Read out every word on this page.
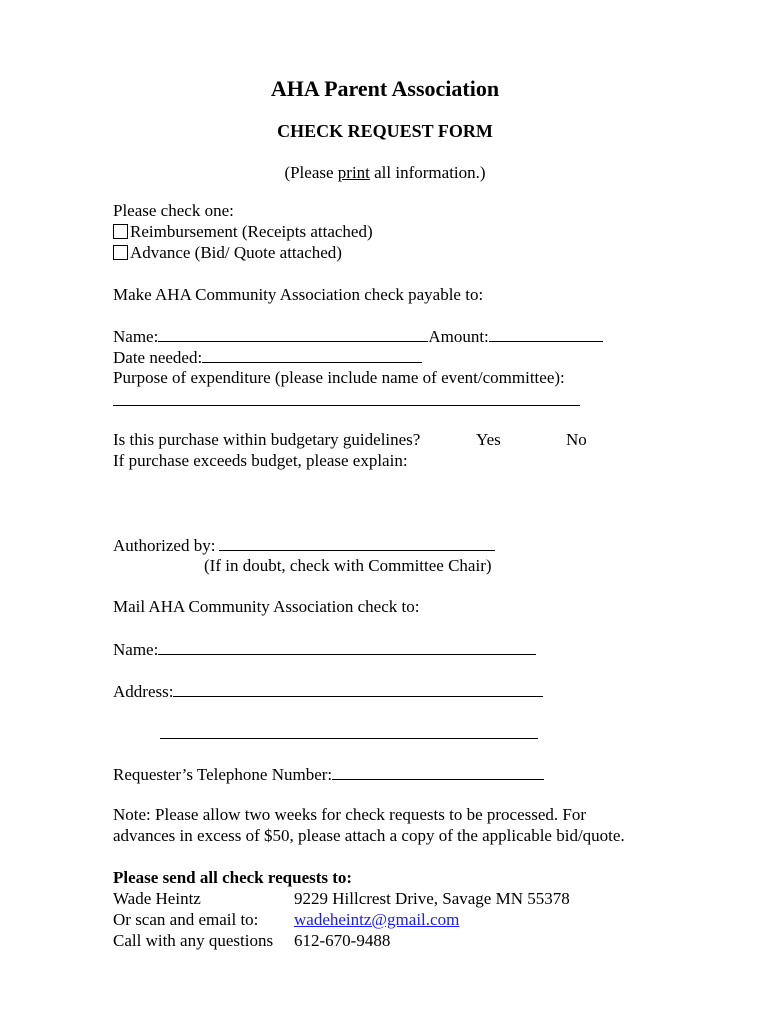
AHA Parent Association
CHECK REQUEST FORM
(Please print all information.)
Please check one:
Reimbursement (Receipts attached)
Advance (Bid/ Quote attached)
Make AHA Community Association check payable to:
Name:	Amount:
Date needed:
Purpose of expenditure (please include name of event/committee):
Is this purchase within budgetary guidelines?	Yes	No
If purchase exceeds budget, please explain:
Authorized by:
(If in doubt, check with Committee Chair)
Mail AHA Community Association check to:
Name:
Address:
Requester’s Telephone Number:
Note: Please allow two weeks for check requests to be processed. For
advances in excess of $50, please attach a copy of the applicable bid/quote.
Please send all check requests to:
Wade Heintz	9229 Hillcrest Drive, Savage MN 55378
Or scan and email to: wadeheintz@gmail.com
Call with any questions 612-670-9488
